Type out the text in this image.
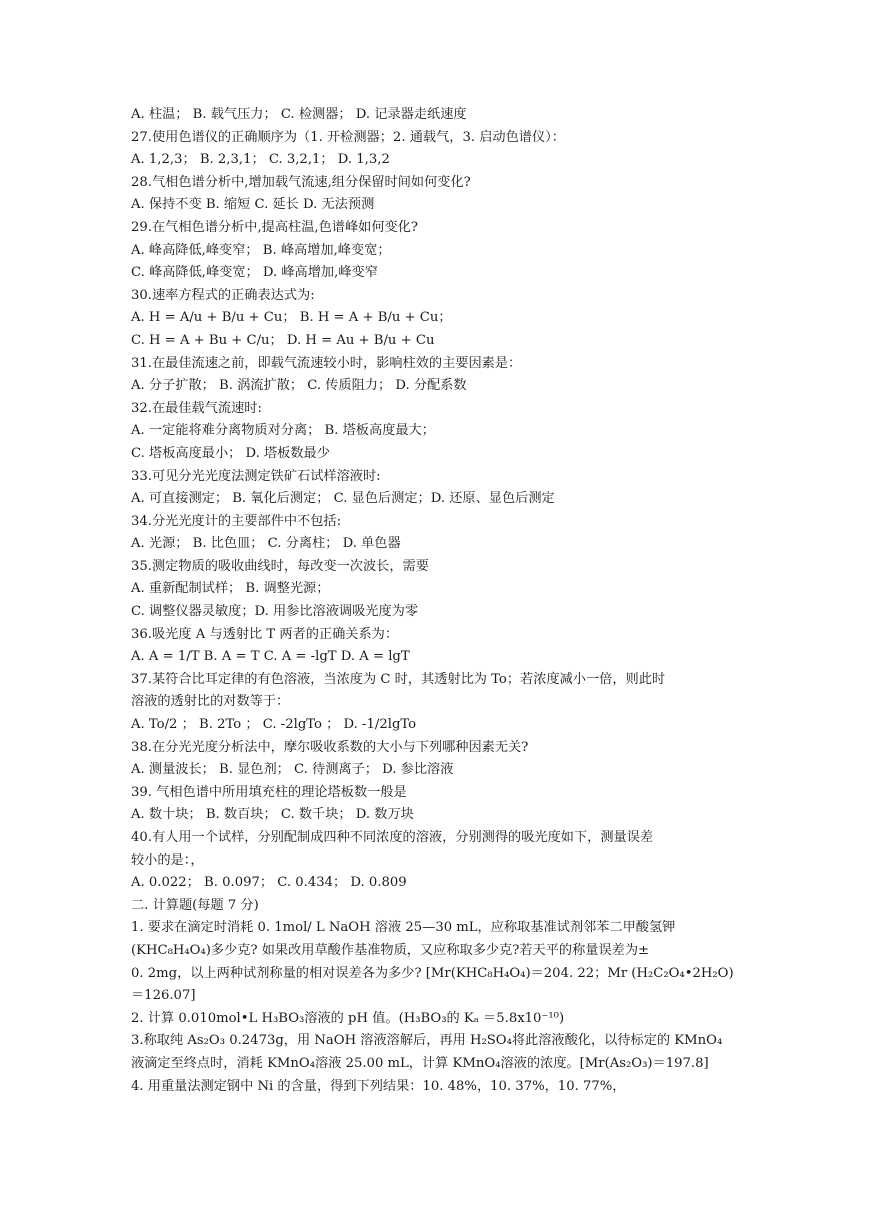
A. 柱温； B. 载气压力； C. 检测器； D. 记录器走纸速度
27.使用色谱仪的正确顺序为（1. 开检测器；2. 通载气，3. 启动色谱仪）：
A. 1,2,3； B. 2,3,1； C. 3,2,1； D. 1,3,2
28.气相色谱分析中,增加载气流速,组分保留时间如何变化?
A. 保持不变 B. 缩短 C. 延长 D. 无法预测
29.在气相色谱分析中,提高柱温,色谱峰如何变化?
A. 峰高降低,峰变窄； B. 峰高增加,峰变宽；
C. 峰高降低,峰变宽； D. 峰高增加,峰变窄
30.速率方程式的正确表达式为:
A. H = A/u + B/u + Cu； B. H = A + B/u + Cu；
C. H = A + Bu + C/u； D. H = Au + B/u + Cu
31.在最佳流速之前，即载气流速较小时，影响柱效的主要因素是：
A. 分子扩散； B. 涡流扩散； C. 传质阻力； D. 分配系数
32.在最佳载气流速时:
A. 一定能将难分离物质对分离； B. 塔板高度最大；
C. 塔板高度最小； D. 塔板数最少
33.可见分光光度法测定铁矿石试样溶液时:
A. 可直接测定； B. 氧化后测定； C. 显色后测定；D. 还原、显色后测定
34.分光光度计的主要部件中不包括:
A. 光源； B. 比色皿； C. 分离柱； D. 单色器
35.测定物质的吸收曲线时，每改变一次波长，需要
A. 重新配制试样； B. 调整光源；
C. 调整仪器灵敏度；D. 用参比溶液调吸光度为零
36.吸光度 A 与透射比 T 两者的正确关系为：
A. A = 1/T B. A = T C. A = -lgT D. A = lgT
37.某符合比耳定律的有色溶液，当浓度为 C 时，其透射比为 To；若浓度减小一倍，则此时
溶液的透射比的对数等于：
A. To/2 ； B. 2To ； C. -2lgTo ； D. -1/2lgTo
38.在分光光度分析法中，摩尔吸收系数的大小与下列哪种因素无关?
A. 测量波长； B. 显色剂； C. 待测离子； D. 参比溶液
39. 气相色谱中所用填充柱的理论塔板数一般是
A. 数十块； B. 数百块； C. 数千块； D. 数万块
40.有人用一个试样，分别配制成四种不同浓度的溶液，分别测得的吸光度如下，测量误差
较小的是：，
A. 0.022； B. 0.097； C. 0.434； D. 0.809
二. 计算题(每题 7 分)
1. 要求在滴定时消耗 0. 1mol/ L NaOH 溶液 25—30 mL，应称取基准试剂邻苯二甲酸氢钾
(KHC₈H₄O₄)多少克? 如果改用草酸作基准物质，又应称取多少克?若天平的称量误差为±
0. 2mg，以上两种试剂称量的相对误差各为多少? [Mr(KHC₈H₄O₄)＝204. 22；Mr (H₂C₂O₄•2H₂O)
＝126.07]
2. 计算 0.010mol•L H₃BO₃溶液的 pH 值。(H₃BO₃的 Kₐ ＝5.8x10⁻¹⁰)
3.称取纯 As₂O₃ 0.2473g，用 NaOH 溶液溶解后，再用 H₂SO₄将此溶液酸化，以待标定的 KMnO₄
液滴定至终点时，消耗 KMnO₄溶液 25.00 mL，计算 KMnO₄溶液的浓度。[Mr(As₂O₃)＝197.8]
4. 用重量法测定钢中 Ni 的含量，得到下列结果：10. 48%，10. 37%，10. 77%，
